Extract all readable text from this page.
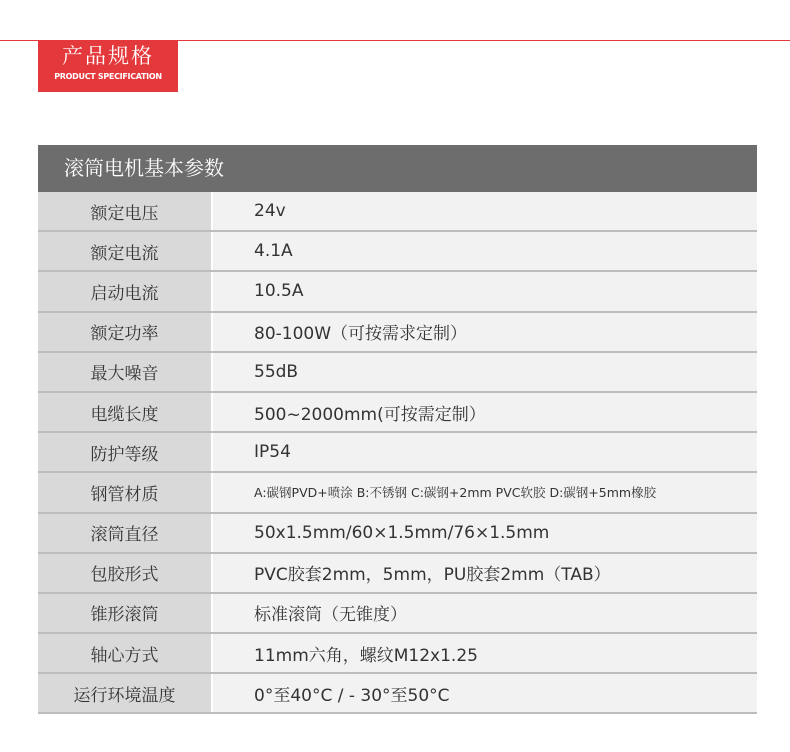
产品规格
PRODUCT SPECIFICATION
滚筒电机基本参数
额定电压	24v
额定电流	4.1A
启动电流	10.5A
额定功率	80-100W（可按需求定制）
最大噪音	55dB
电缆长度	500~2000mm(可按需定制）
防护等级	IP54
钢管材质	A:碳钢PVD+喷涂 B:不锈钢 C:碳钢+2mm PVC软胶 D:碳钢+5mm橡胶
滚筒直径	50x1.5mm/60×1.5mm/76×1.5mm
包胶形式	PVC胶套2mm，5mm，PU胶套2mm（TAB）
锥形滚筒	标准滚筒（无锥度）
轴心方式	11mm六角，螺纹M12x1.25
运行环境温度	0°至40°C / - 30°至50°C
